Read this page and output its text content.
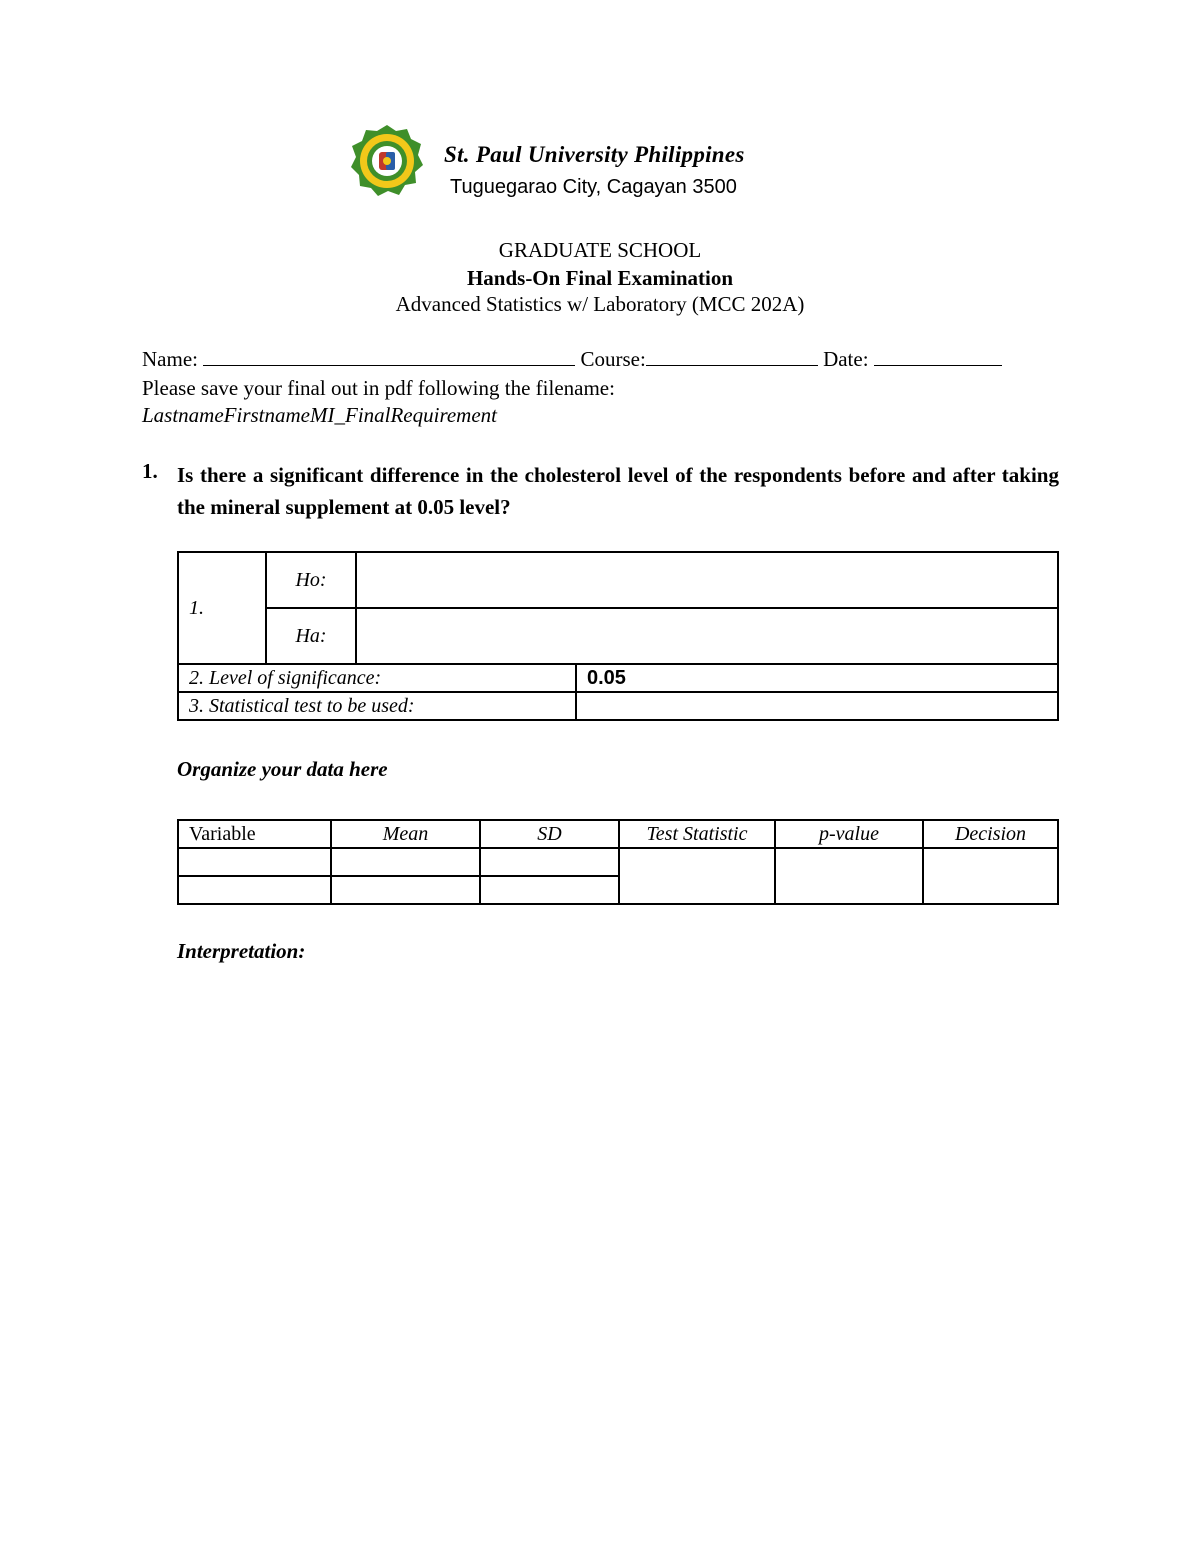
St. Paul University Philippines
Tuguegarao City, Cagayan 3500
GRADUATE SCHOOL
Hands-On Final Examination
Advanced Statistics w/ Laboratory (MCC 202A)
Name:	Course:	Date:
Please save your final out in pdf following the filename:
LastnameFirstnameMI_FinalRequirement
1. Is there a significant difference in the cholesterol level of the respondents before and after taking the mineral supplement at 0.05 level?
1.	Ho:		
	Ha:		
2. Level of significance:			0.05
3. Statistical test to be used:			
Organize your data here
Variable	Mean	SD	Test Statistic	p-value	Decision

Interpretation:
